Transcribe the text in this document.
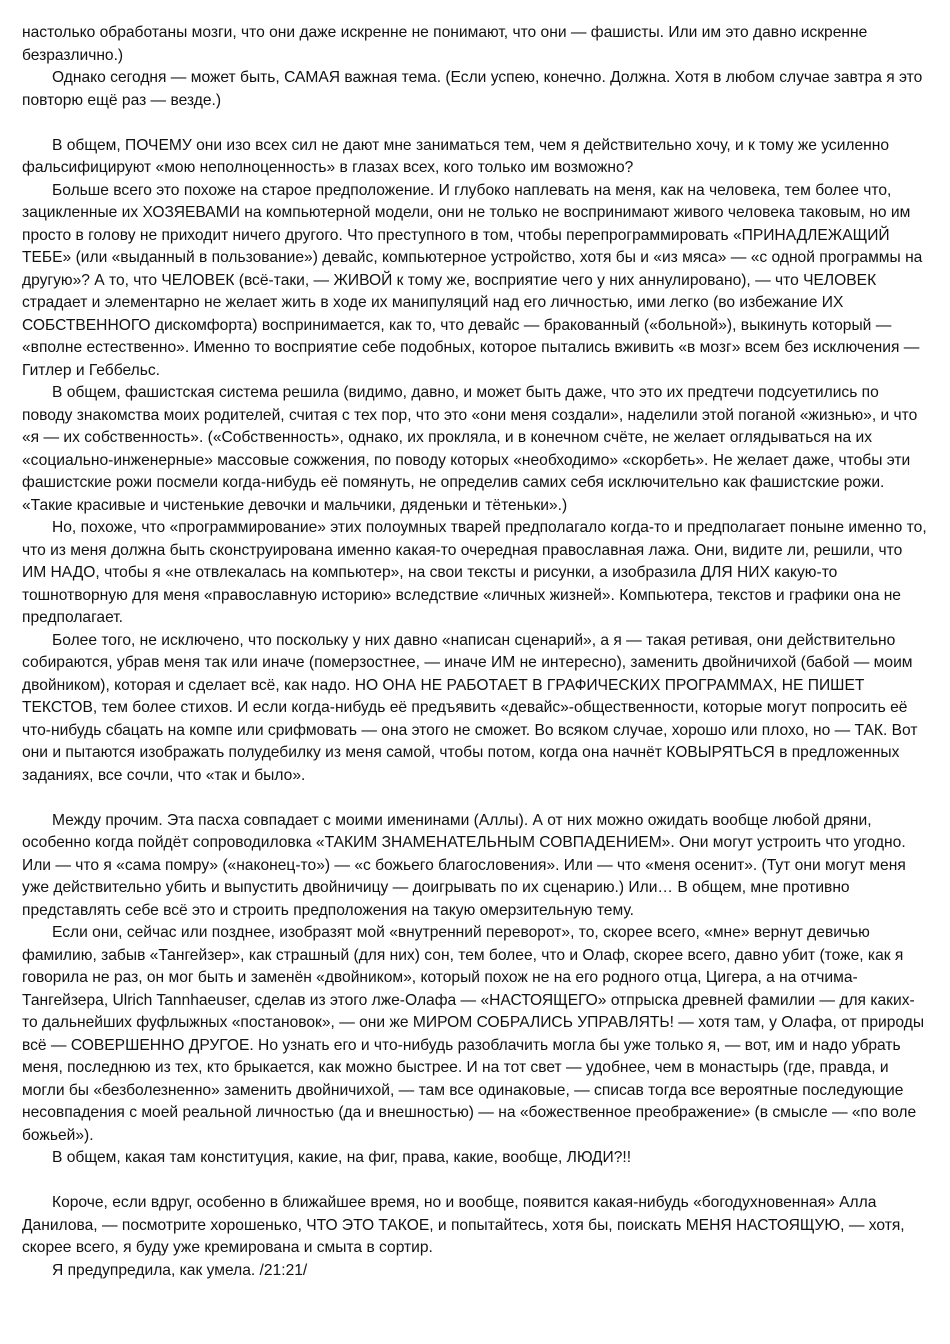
настолько обработаны мозги, что они даже искренне не понимают, что они — фашисты. Или им это давно искренне безразлично.)

Однако сегодня — может быть, САМАЯ важная тема. (Если успею, конечно. Должна. Хотя в любом случае завтра я это повторю ещё раз — везде.)

В общем, ПОЧЕМУ они изо всех сил не дают мне заниматься тем, чем я действительно хочу, и к тому же усиленно фальсифицируют «мою неполноценность» в глазах всех, кого только им возможно?

Больше всего это похоже на старое предположение. И глубоко наплевать на меня, как на человека, тем более что, зацикленные их ХОЗЯЕВАМИ на компьютерной модели, они не только не воспринимают живого человека таковым, но им просто в голову не приходит ничего другого. Что преступного в том, чтобы перепрограммировать «ПРИНАДЛЕЖАЩИЙ ТЕБЕ» (или «выданный в пользование») девайс, компьютерное устройство, хотя бы и «из мяса» — «с одной программы на другую»? А то, что ЧЕЛОВЕК (всё-таки, — ЖИВОЙ к тому же, восприятие чего у них аннулировано), — что ЧЕЛОВЕК страдает и элементарно не желает жить в ходе их манипуляций над его личностью, ими легко (во избежание ИХ СОБСТВЕННОГО дискомфорта) воспринимается, как то, что девайс — бракованный («больной»), выкинуть который — «вполне естественно». Именно то восприятие себе подобных, которое пытались вживить «в мозг» всем без исключения — Гитлер и Геббельс.

В общем, фашистская система решила (видимо, давно, и может быть даже, что это их предтечи подсуетились по поводу знакомства моих родителей, считая с тех пор, что это «они меня создали», наделили этой поганой «жизнью», и что «я — их собственность». («Собственность», однако, их прокляла, и в конечном счёте, не желает оглядываться на их «социально-инженерные» массовые сожжения, по поводу которых «необходимо» «скорбеть». Не желает даже, чтобы эти фашистские рожи посмели когда-нибудь её помянуть, не определив самих себя исключительно как фашистские рожи. «Такие красивые и чистенькие девочки и мальчики, дяденьки и тётеньки».)

Но, похоже, что «программирование» этих полоумных тварей предполагало когда-то и предполагает поныне именно то, что из меня должна быть сконструирована именно какая-то очередная православная лажа. Они, видите ли, решили, что ИМ НАДО, чтобы я «не отвлекалась на компьютер», на свои тексты и рисунки, а изобразила ДЛЯ НИХ какую-то тошнотворную для меня «православную историю» вследствие «личных жизней». Компьютера, текстов и графики она не предполагает.

Более того, не исключено, что поскольку у них давно «написан сценарий», а я — такая ретивая, они действительно собираются, убрав меня так или иначе (померзостнее, — иначе ИМ не интересно), заменить двойничихой (бабой — моим двойником), которая и сделает всё, как надо. НО ОНА НЕ РАБОТАЕТ В ГРАФИЧЕСКИХ ПРОГРАММАХ, НЕ ПИШЕТ ТЕКСТОВ, тем более стихов. И если когда-нибудь её предъявить «девайс»-общественности, которые могут попросить её что-нибудь сбацать на компе или срифмовать — она этого не сможет. Во всяком случае, хорошо или плохо, но — ТАК. Вот они и пытаются изображать полудебилку из меня самой, чтобы потом, когда она начнёт КОВЫРЯТЬСЯ в предложенных заданиях, все сочли, что «так и было».

Между прочим. Эта пасха совпадает с моими именинами (Аллы). А от них можно ожидать вообще любой дряни, особенно когда пойдёт сопроводиловка «ТАКИМ ЗНАМЕНАТЕЛЬНЫМ СОВПАДЕНИЕМ». Они могут устроить что угодно. Или — что я «сама помру» («наконец-то») — «с божьего благословения». Или — что «меня осенит». (Тут они могут меня уже действительно убить и выпустить двойничицу — доигрывать по их сценарию.) Или… В общем, мне противно представлять себе всё это и строить предположения на такую омерзительную тему.

Если они, сейчас или позднее, изобразят мой «внутренний переворот», то, скорее всего, «мне» вернут девичью фамилию, забыв «Тангейзер», как страшный (для них) сон, тем более, что и Олаф, скорее всего, давно убит (тоже, как я говорила не раз, он мог быть и заменён «двойником», который похож не на его родного отца, Цигера, а на отчима-Тангейзера, Ulrich Tannhaeuser, сделав из этого лже-Олафа — «НАСТОЯЩЕГО» отпрыска древней фамилии — для каких-то дальнейших фуфлыжных «постановок», — они же МИРОМ СОБРАЛИСЬ УПРАВЛЯТЬ! — хотя там, у Олафа, от природы всё — СОВЕРШЕННО ДРУГОЕ. Но узнать его и что-нибудь разоблачить могла бы уже только я, — вот, им и надо убрать меня, последнюю из тех, кто брыкается, как можно быстрее. И на тот свет — удобнее, чем в монастырь (где, правда, и могли бы «безболезненно» заменить двойничихой, — там все одинаковые, — списав тогда все вероятные последующие несовпадения с моей реальной личностью (да и внешностью) — на «божественное преображение» (в смысле — «по воле божьей»).

В общем, какая там конституция, какие, на фиг, права, какие, вообще, ЛЮДИ?!!

Короче, если вдруг, особенно в ближайшее время, но и вообще, появится какая-нибудь «богодухновенная» Алла Данилова, — посмотрите хорошенько, ЧТО ЭТО ТАКОЕ, и попытайтесь, хотя бы, поискать МЕНЯ НАСТОЯЩУЮ, — хотя, скорее всего, я буду уже кремирована и смыта в сортир.

Я предупредила, как умела. /21:21/
